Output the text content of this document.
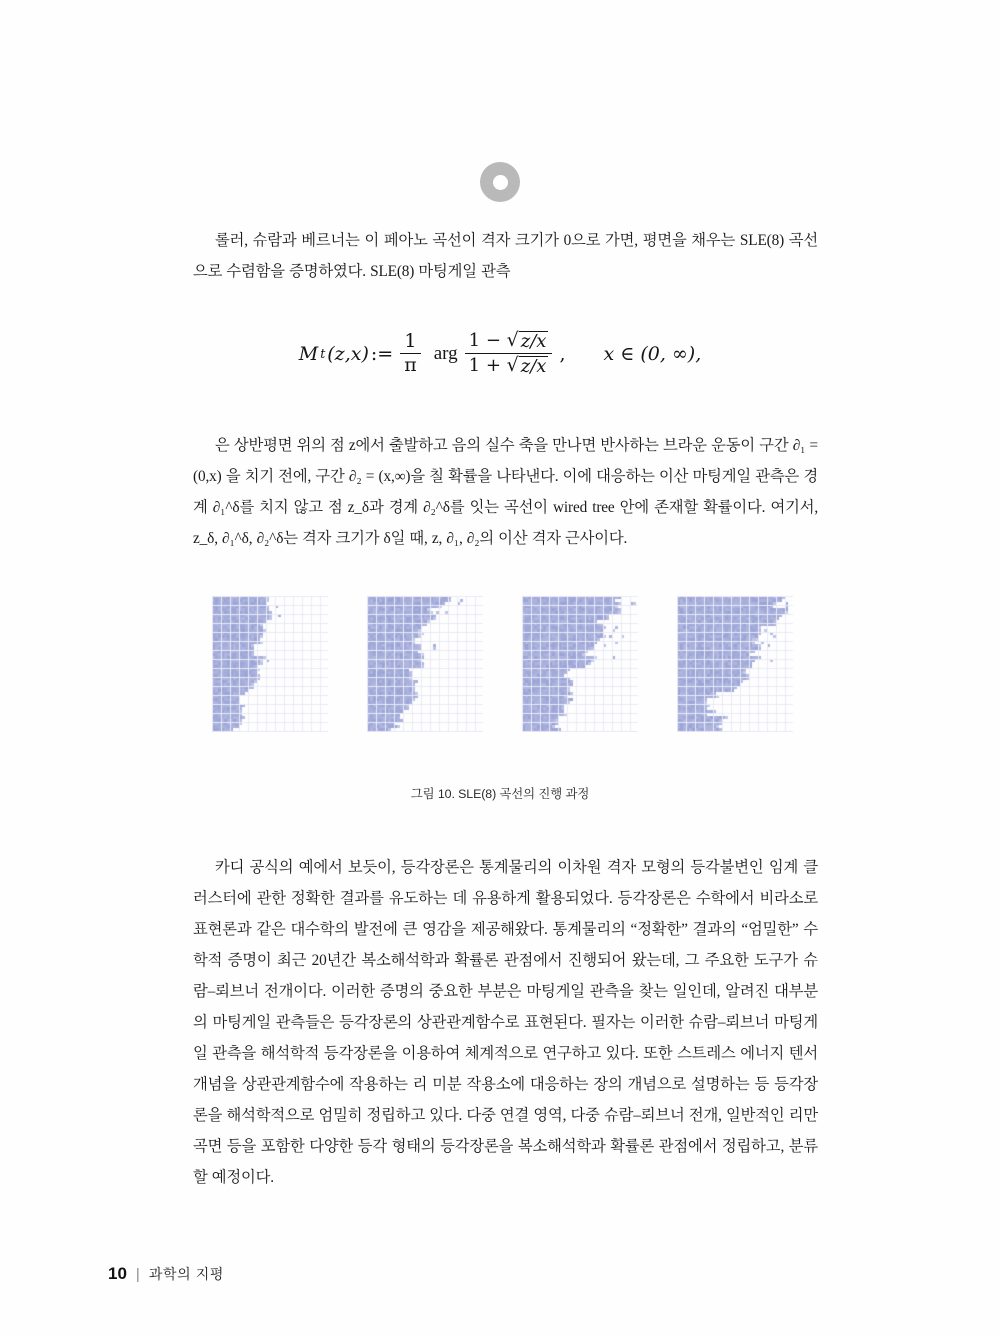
롤러, 슈람과 베르너는 이 페아노 곡선이 격자 크기가 0으로 가면, 평면을 채우는 SLE(8) 곡선으로 수렴함을 증명하였다. SLE(8) 마팅게일 관측

M t (z,x) := $\frac{1}{\pi}$ arg $\frac{1 - √ z/x}{1 + √ z/x}$ , x ∈ (0, ∞),

은 상반평면 위의 점 z에서 출발하고 음의 실수 축을 만나면 반사하는 브라운 운동이 구간 ∂₁ = (0,x) 을 치기 전에, 구간 ∂₂ = (x,∞)을 칠 확률을 나타낸다. 이에 대응하는 이산 마팅게일 관측은 경계 ∂₁^δ를 치지 않고 점 z_δ과 경계 ∂₂^δ를 잇는 곡선이 wired tree 안에 존재할 확률이다. 여기서, z_δ, ∂₁^δ, ∂₂^δ는 격자 크기가 δ일 때, z, ∂₁, ∂₂의 이산 격자 근사이다.

그림 10. SLE(8) 곡선의 진행 과정

카디 공식의 예에서 보듯이, 등각장론은 통계물리의 이차원 격자 모형의 등각불변인 임계 클러스터에 관한 정확한 결과를 유도하는 데 유용하게 활용되었다. 등각장론은 수학에서 비라소로 표현론과 같은 대수학의 발전에 큰 영감을 제공해왔다. 통계물리의 “정확한” 결과의 “엄밀한” 수학적 증명이 최근 20년간 복소해석학과 확률론 관점에서 진행되어 왔는데, 그 주요한 도구가 슈람–뢰브너 전개이다. 이러한 증명의 중요한 부분은 마팅게일 관측을 찾는 일인데, 알려진 대부분의 마팅게일 관측들은 등각장론의 상관관계함수로 표현된다. 필자는 이러한 슈람–뢰브너 마팅게일 관측을 해석학적 등각장론을 이용하여 체계적으로 연구하고 있다. 또한 스트레스 에너지 텐서 개념을 상관관계함수에 작용하는 리 미분 작용소에 대응하는 장의 개념으로 설명하는 등 등각장론을 해석학적으로 엄밀히 정립하고 있다. 다중 연결 영역, 다중 슈람–뢰브너 전개, 일반적인 리만 곡면 등을 포함한 다양한 등각 형태의 등각장론을 복소해석학과 확률론 관점에서 정립하고, 분류할 예정이다.

10 | 과학의 지평
